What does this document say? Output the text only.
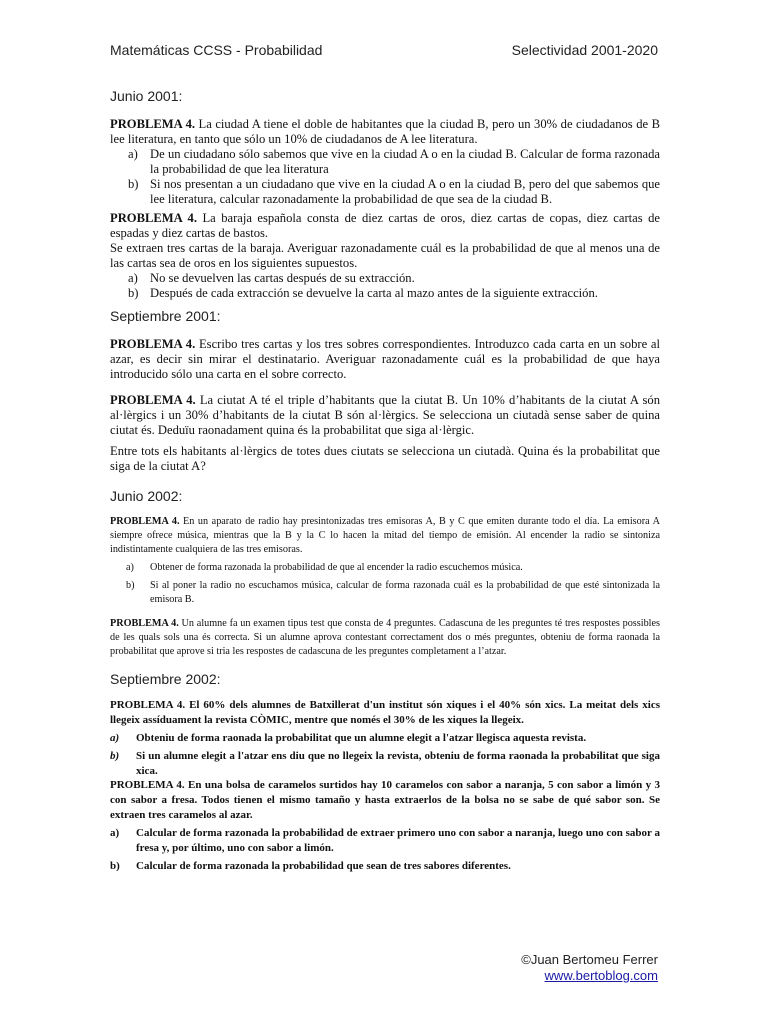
Matemáticas CCSS - Probabilidad	Selectividad 2001-2020
Junio 2001:
PROBLEMA 4. La ciudad A tiene el doble de habitantes que la ciudad B, pero un 30% de ciudadanos de B lee literatura, en tanto que sólo un 10% de ciudadanos de A lee literatura.
a) De un ciudadano sólo sabemos que vive en la ciudad A o en la ciudad B. Calcular de forma razonada la probabilidad de que lea literatura
b) Si nos presentan a un ciudadano que vive en la ciudad A o en la ciudad B, pero del que sabemos que lee literatura, calcular razonadamente la probabilidad de que sea de la ciudad B.
PROBLEMA 4. La baraja española consta de diez cartas de oros, diez cartas de copas, diez cartas de espadas y diez cartas de bastos.
Se extraen tres cartas de la baraja. Averiguar razonadamente cuál es la probabilidad de que al menos una de las cartas sea de oros en los siguientes supuestos.
a) No se devuelven las cartas después de su extracción.
b) Después de cada extracción se devuelve la carta al mazo antes de la siguiente extracción.
Septiembre 2001:
PROBLEMA 4. Escribo tres cartas y los tres sobres correspondientes. Introduzco cada carta en un sobre al azar, es decir sin mirar el destinatario. Averiguar razonadamente cuál es la probabilidad de que haya introducido sólo una carta en el sobre correcto.
PROBLEMA 4. La ciutat A té el triple d’habitants que la ciutat B. Un 10% d’habitants de la ciutat A són al·lèrgics i un 30% d’habitants de la ciutat B són al·lèrgics. Se selecciona un ciutadà sense saber de quina ciutat és. Deduïu raonadament quina és la probabilitat que siga al·lèrgic.
Entre tots els habitants al·lèrgics de totes dues ciutats se selecciona un ciutadà. Quina és la probabilitat que siga de la ciutat A?
Junio 2002:
PROBLEMA 4. En un aparato de radio hay presintonizadas tres emisoras A, B y C que emiten durante todo el día. La emisora A siempre ofrece música, mientras que la B y la C lo hacen la mitad del tiempo de emisión. Al encender la radio se sintoniza indistintamente cualquiera de las tres emisoras.
a) Obtener de forma razonada la probabilidad de que al encender la radio escuchemos música.
b) Si al poner la radio no escuchamos música, calcular de forma razonada cuál es la probabilidad de que esté sintonizada la emisora B.
PROBLEMA 4. Un alumne fa un examen tipus test que consta de 4 preguntes. Cadascuna de les preguntes té tres respostes possibles de les quals sols una és correcta. Si un alumne aprova contestant correctament dos o més preguntes, obteniu de forma raonada la probabilitat que aprove si tria les respostes de cadascuna de les preguntes completament a l’atzar.
Septiembre 2002:
PROBLEMA 4. El 60% dels alumnes de Batxillerat d'un institut són xiques i el 40% són xics. La meitat dels xics llegeix assíduament la revista CÒMIC, mentre que només el 30% de les xiques la llegeix.
a) Obteniu de forma raonada la probabilitat que un alumne elegit a l'atzar llegisca aquesta revista.
b) Si un alumne elegit a l'atzar ens diu que no llegeix la revista, obteniu de forma raonada la probabilitat que siga xica.
PROBLEMA 4. En una bolsa de caramelos surtidos hay 10 caramelos con sabor a naranja, 5 con sabor a limón y 3 con sabor a fresa. Todos tienen el mismo tamaño y hasta extraerlos de la bolsa no se sabe de qué sabor son. Se extraen tres caramelos al azar.
a) Calcular de forma razonada la probabilidad de extraer primero uno con sabor a naranja, luego uno con sabor a fresa y, por último, uno con sabor a limón.
b) Calcular de forma razonada la probabilidad que sean de tres sabores diferentes.
©Juan Bertomeu Ferrer
www.bertoblog.com
